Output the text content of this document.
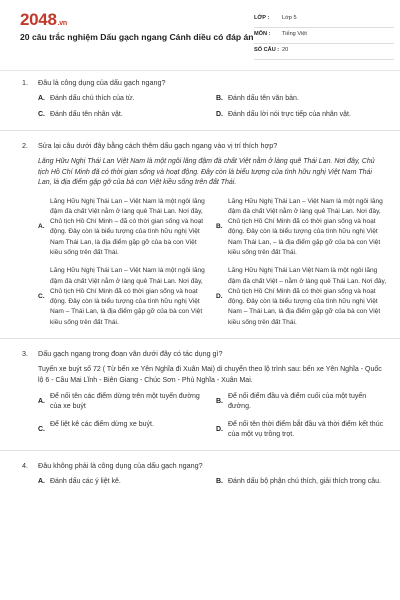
2048.vn
20 câu trắc nghiệm Dấu gạch ngang Cánh diều có đáp án
LỚP : Lớp 5
MÔN : Tiếng Việt
SỐ CÂU : 20
1. Đâu là công dụng của dấu gạch ngang?
A. Đánh dấu chú thích của từ.	B. Đánh dấu tên văn bản.
C. Đánh dấu tên nhân vật.	D. Đánh dấu lời nói trực tiếp của nhân vật.
2. Sửa lại câu dưới đây bằng cách thêm dấu gạch ngang vào vị trí thích hợp?
Lăng Hữu Nghị Thái Lan Việt Nam là một ngôi lăng đậm đà chất Việt nằm ở làng quê Thái Lan. Nơi đây, Chủ tịch Hồ Chí Minh đã có thời gian sống và hoạt động. Đây còn là biểu tượng của tình hữu nghị Việt Nam Thái Lan, là địa điểm gặp gỡ của bà con Việt kiều sống trên đất Thái.
A.
Lăng Hữu Nghị Thái Lan – Việt Nam là một ngôi lăng đậm đà chất Việt nằm ở làng quê Thái Lan. Nơi đây, Chủ tịch Hồ Chí Minh – đã có thời gian sống và hoạt động. Đây còn là biểu tượng của tình hữu nghị Việt Nam Thái Lan, là địa điểm gặp gỡ của bà con Việt kiều sống trên đất Thái.
B.
Lăng Hữu Nghị Thái Lan – Việt Nam là một ngôi lăng đậm đà chất Việt nằm ở làng quê Thái Lan. Nơi đây, Chủ tịch Hồ Chí Minh đã có thời gian sống và hoạt động. Đây còn là biểu tượng của tình hữu nghị Việt Nam Thái Lan, – là địa điểm gặp gỡ của bà con Việt kiều sống trên đất Thái.
C.
Lăng Hữu Nghị Thái Lan – Việt Nam là một ngôi lăng đậm đà chất Việt nằm ở làng quê Thái Lan. Nơi đây, Chủ tịch Hồ Chí Minh đã có thời gian sống và hoạt động. Đây còn là biểu tượng của tình hữu nghị Việt Nam – Thái Lan, là địa điểm gặp gỡ của bà con Việt kiều sống trên đất Thái.
D.
Lăng Hữu Nghị Thái Lan Việt Nam là một ngôi lăng đậm đà chất Việt – nằm ở làng quê Thái Lan. Nơi đây, Chủ tịch Hồ Chí Minh đã có thời gian sống và hoạt động. Đây còn là biểu tượng của tình hữu nghị Việt Nam – Thái Lan, là địa điểm gặp gỡ của bà con Việt kiều sống trên đất Thái.
3. Dấu gạch ngang trong đoạn văn dưới đây có tác dụng gì?
Tuyến xe buýt số 72 ( Từ bến xe Yên Nghĩa đi Xuân Mai) di chuyển theo lộ trình sau: bến xe Yên Nghĩa - Quốc lộ 6 - Cầu Mai Lĩnh - Biên Giang - Chúc Sơn - Phú Nghĩa - Xuân Mai.
A.
Để nối tên các điểm dừng trên một tuyến đường của xe buýt
B.
Để nối điểm đầu và điểm cuối của một tuyến đường.
C.
Để liệt kê các điểm dừng xe buýt.
D.
Để nối tên thời điểm bắt đầu và thời điểm kết thúc của một vụ trồng trọt.
4. Đâu không phải là công dụng của dấu gạch ngang?
A. Đánh dấu các ý liệt kê.	B. Đánh dấu bộ phận chú thích, giải thích trong câu.
